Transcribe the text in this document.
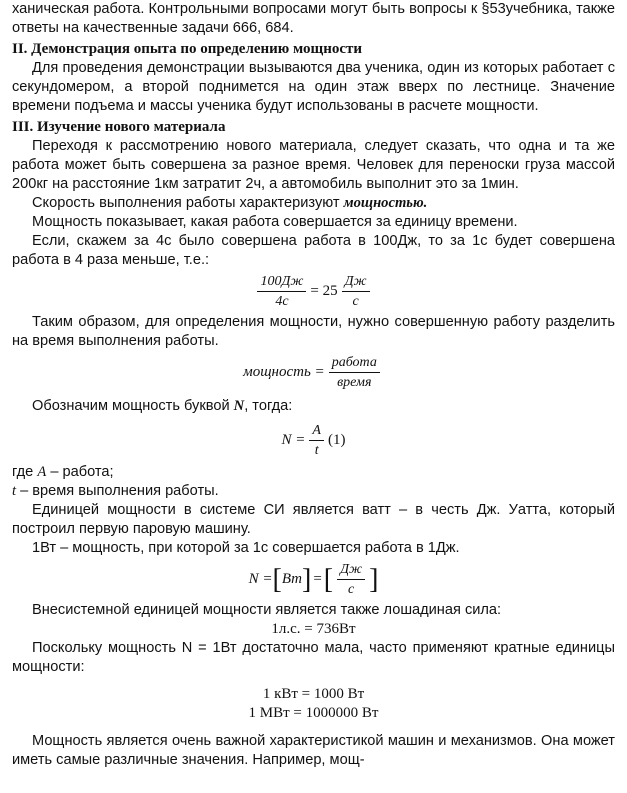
ханическая работа. Контрольными вопросами могут быть вопросы к §53учебника, также ответы на качественные задачи 666, 684.

II. Демонстрация опыта по определению мощности

Для проведения демонстрации вызываются два ученика, один из которых работает с секундомером, а второй поднимется на один этаж вверх по лестнице. Значение времени подъема и массы ученика будут использованы в расчете мощности.

III. Изучение нового материала

Переходя к рассмотрению нового материала, следует сказать, что одна и та же работа может быть совершена за разное время. Человек для переноски груза массой 200кг на расстояние 1км затратит 2ч, а автомобиль выполнит это за 1мин.

Скорость выполнения работы характеризуют мощностью.

Мощность показывает, какая работа совершается за единицу времени.

Если, скажем за 4с было совершена работа в 100Дж, то за 1с будет совершена работа в 4 раза меньше, т.е.:

$\frac{100Дж}{4с} = 25 \frac{Дж}{с}$

Таким образом, для определения мощности, нужно совершенную работу разделить на время выполнения работы.

мощность = $\frac{\text{работа}}{\text{время}}$

Обозначим мощность буквой N, тогда:

$N = \frac{A}{t} (1)$

где A – работа;

t – время выполнения работы.

Единицей мощности в системе СИ является ватт – в честь Дж. Уатта, который построил первую паровую машину.

1Вт – мощность, при которой за 1с совершается работа в 1Дж.

N = [ Вт ] = [ $\frac{Дж}{с}$ ]

Внесистемной единицей мощности является также лошадиная сила:

1л.с. = 736Вт

Поскольку мощность N = 1Вт достаточно мала, часто применяют кратные единицы мощности:

1 кВт = 1000 Вт
1 МВт = 1000000 Вт

Мощность является очень важной характеристикой машин и механизмов. Она может иметь самые различные значения. Например, мощ-
